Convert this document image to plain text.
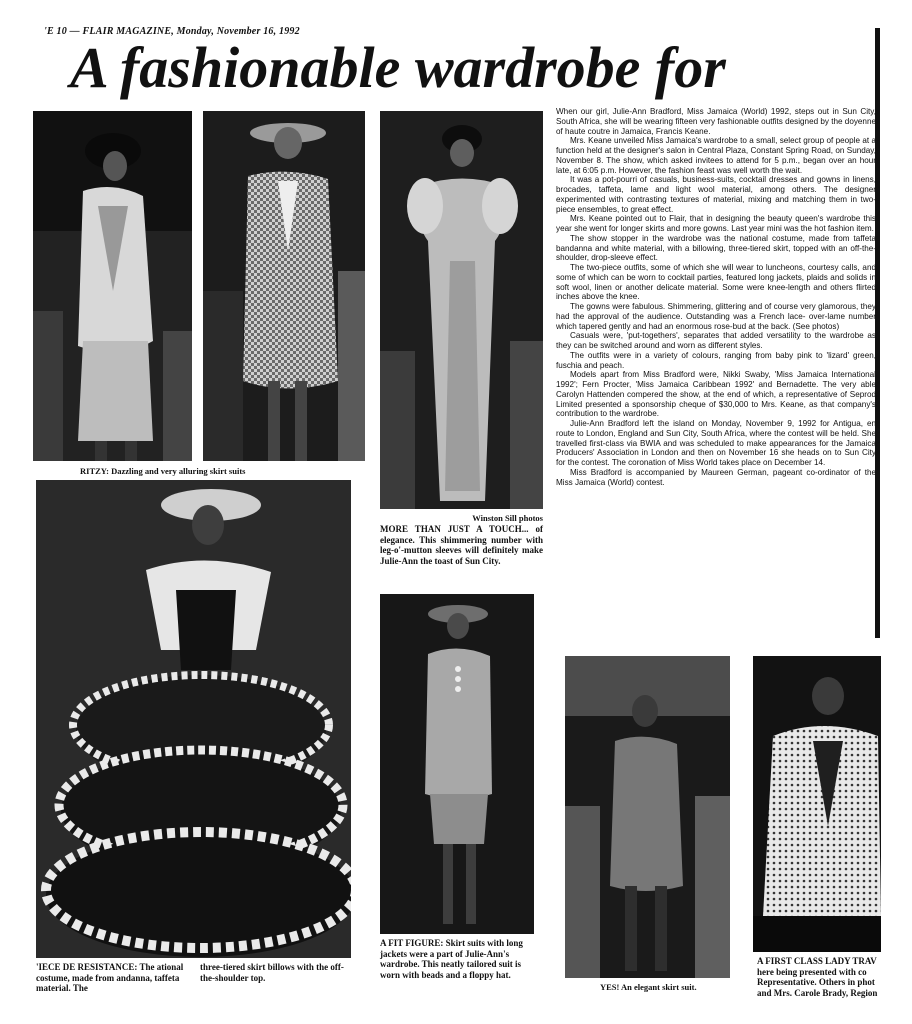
'E 10 — FLAIR MAGAZINE, Monday, November 16, 1992
A fashionable wardrobe for
RITZY: Dazzling and very alluring skirt suits
Winston Sill photos
MORE THAN JUST A TOUCH... of elegance. This shimmering number with leg-o'-mutton sleeves will definitely make Julie-Ann the toast of Sun City.
'IECE DE RESISTANCE: The ational costume, made from andanna, taffeta material. The
three-tiered skirt billows with the off-the-shoulder top.
A FIT FIGURE: Skirt suits with long jackets were a part of Julie-Ann's wardrobe. This neatly tailored suit is worn with beads and a floppy hat.
YES! An elegant skirt suit.
A FIRST CLASS LADY TRAV here being presented with co Representative. Others in phot and Mrs. Carole Brady, Region

When our girl, Julie-Ann Bradford, Miss Jamaica (World) 1992, steps out in Sun City, South Africa, she will be wearing fifteen very fashionable outfits designed by the doyenne of haute coutre in Jamaica, Francis Keane.

Mrs. Keane unveiled Miss Jamaica's wardrobe to a small, select group of people at a function held at the designer's salon in Central Plaza, Constant Spring Road, on Sunday, November 8. The show, which asked invitees to attend for 5 p.m., began over an hour late, at 6:05 p.m. However, the fashion feast was well worth the wait.

It was a pot-pourri of casuals, business-suits, cocktail dresses and gowns in linens, brocades, taffeta, lame and light wool material, among others. The designer experimented with contrasting textures of material, mixing and matching them in two-piece ensembles, to great effect.

Mrs. Keane pointed out to Flair, that in designing the beauty queen's wardrobe this year she went for longer skirts and more gowns. Last year mini was the hot fashion item.

The show stopper in the wardrobe was the national costume, made from taffeta bandanna and white material, with a billowing, three-tiered skirt, topped with an off-the-shoulder, drop-sleeve effect.

The two-piece outfits, some of which she will wear to luncheons, courtesy calls, and some of which can be worn to cocktail parties, featured long jackets, plaids and solids in soft wool, linen or another delicate material. Some were knee-length and others flirted inches above the knee.

The gowns were fabulous. Shimmering, glittering and of course very glamorous, they had the approval of the audience. Outstanding was a French lace- over-lame number which tapered gently and had an enormous rose-bud at the back. (See photos)

Casuals were, 'put-togethers', separates that added versatility to the wardrobe as they can be switched around and worn as different styles.

The outfits were in a variety of colours, ranging from baby pink to 'lizard' green, fuschia and peach.

Models apart from Miss Bradford were, Nikki Swaby, 'Miss Jamaica International 1992'; Fern Procter, 'Miss Jamaica Caribbean 1992' and Bernadette. The very able Carolyn Hattenden compered the show, at the end of which, a representative of Seprod Limited presented a sponsorship cheque of $30,000 to Mrs. Keane, as that company's contribution to the wardrobe.

Julie-Ann Bradford left the island on Monday, November 9, 1992 for Antigua, en route to London, England and Sun City, South Africa, where the contest will be held. She travelled first-class via BWIA and was scheduled to make appearances for the Jamaica Producers' Association in London and then on November 16 she heads on to Sun City for the contest. The coronation of Miss World takes place on December 14.

Miss Bradford is accompanied by Maureen German, pageant co-ordinator of the Miss Jamaica (World) contest.
